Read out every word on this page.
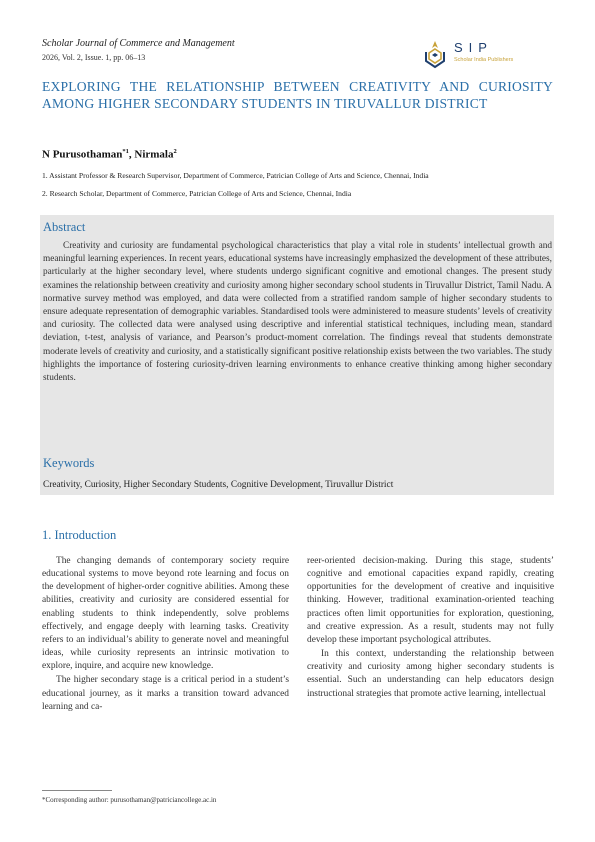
Scholar Journal of Commerce and Management
2026, Vol. 2, Issue. 1, pp. 06–13
SIP
Scholar India Publishers
EXPLORING THE RELATIONSHIP BETWEEN CREATIVITY AND CURIOSITY AMONG HIGHER SECONDARY STUDENTS IN TIRUVALLUR DISTRICT
N Purusothaman$^{*1}$, Nirmala$^2$
1. Assistant Professor & Research Supervisor, Department of Commerce, Patrician College of Arts and Science, Chennai, India
2. Research Scholar, Department of Commerce, Patrician College of Arts and Science, Chennai, India
Abstract
Creativity and curiosity are fundamental psychological characteristics that play a vital role in students’ intellectual growth and meaningful learning experiences. In recent years, educational systems have increasingly emphasized the development of these attributes, particularly at the higher secondary level, where students undergo significant cognitive and emotional changes. The present study examines the relationship between creativity and curiosity among higher secondary school students in Tiruvallur District, Tamil Nadu. A normative survey method was employed, and data were collected from a stratified random sample of higher secondary students to ensure adequate representation of demographic variables. Standardised tools were administered to measure students’ levels of creativity and curiosity. The collected data were analysed using descriptive and inferential statistical techniques, including mean, standard deviation, t-test, analysis of variance, and Pearson’s product-moment correlation. The findings reveal that students demonstrate moderate levels of creativity and curiosity, and a statistically significant positive relationship exists between the two variables. The study highlights the importance of fostering curiosity-driven learning environments to enhance creative thinking among higher secondary students.
Keywords
Creativity, Curiosity, Higher Secondary Students, Cognitive Development, Tiruvallur District
1. Introduction

The changing demands of contemporary society require educational systems to move beyond rote learning and focus on the development of higher-order cognitive abilities. Among these abilities, creativity and curiosity are considered essential for enabling students to think independently, solve problems effectively, and engage deeply with learning tasks. Creativity refers to an individual’s ability to generate novel and meaningful ideas, while curiosity represents an intrinsic motivation to explore, inquire, and acquire new knowledge.

The higher secondary stage is a critical period in a student’s educational journey, as it marks a transition toward advanced learning and ca-

reer-oriented decision-making. During this stage, students’ cognitive and emotional capacities expand rapidly, creating opportunities for the development of creative and inquisitive thinking. However, traditional examination-oriented teaching practices often limit opportunities for exploration, questioning, and creative expression. As a result, students may not fully develop these important psychological attributes.

In this context, understanding the relationship between creativity and curiosity among higher secondary students is essential. Such an understanding can help educators design instructional strategies that promote active learning, intellectual

*Corresponding author: purusothaman@patriciancollege.ac.in
